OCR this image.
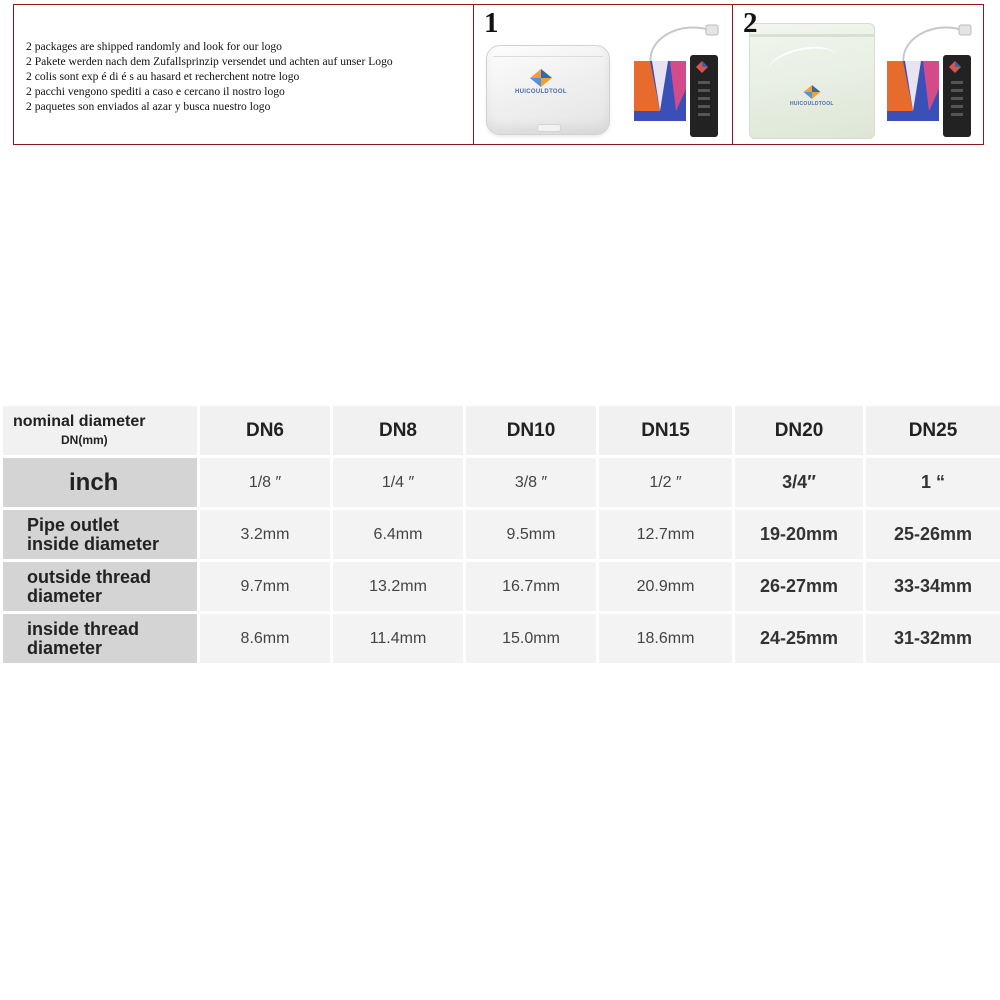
2 packages are shipped randomly and look for our logo
2 Pakete werden nach dem Zufallsprinzip versendet und achten auf unser Logo
2 colis sont exp é di é s au hasard et recherchent notre logo
2 pacchi vengono spediti a caso e cercano il nostro logo
2 paquetes son enviados al azar y busca nuestro logo
1
HUICOULDTOOL
HUICOULDTOOL
2
nominal diameter
DN(mm)	DN6	DN8	DN10	DN15	DN20	DN25
inch	1/8 ″	1/4 ″	3/8 ″	1/2 ″	3/4″	1 “
Pipe outlet
inside diameter	3.2mm	6.4mm	9.5mm	12.7mm	19-20mm	25-26mm
outside thread
diameter	9.7mm	13.2mm	16.7mm	20.9mm	26-27mm	33-34mm
inside thread
diameter	8.6mm	11.4mm	15.0mm	18.6mm	24-25mm	31-32mm
